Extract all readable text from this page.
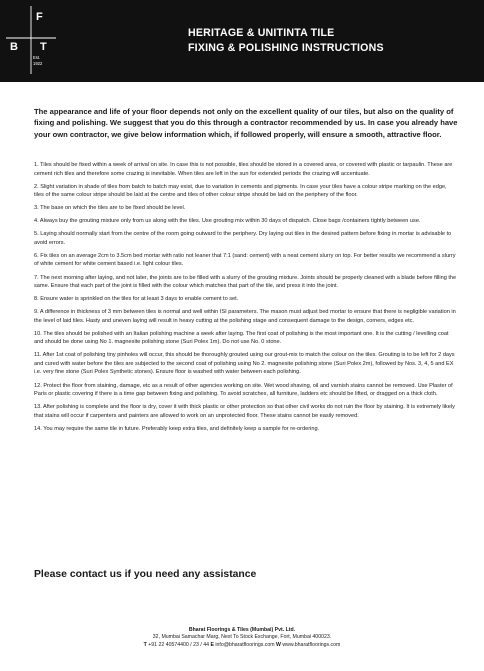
F
B T
Est.
1922
HERITAGE & UNITINTA TILE
FIXING & POLISHING INSTRUCTIONS

The appearance and life of your floor depends not only on the excellent quality of our tiles, but also on the quality of fixing and polishing. We suggest that you do this through a contractor recommended by us. In case you already have your own contractor, we give below information which, if followed properly, will ensure a smooth, attractive floor.

1. Tiles should be fixed within a week of arrival on site. In case this is not possible, tiles should be stored in a covered area, or covered with plastic or tarpaulin. These are cement rich tiles and therefore some crazing is inevitable. When tiles are left in the sun for extended periods the crazing will accentuate.
2. Slight variation in shade of tiles from batch to batch may exist, due to variation in cements and pigments. In case your tiles have a colour stripe marking on the edge, tiles of the same colour stripe should be laid at the centre and tiles of other colour stripe should be laid on the periphery of the floor.
3. The base on which the tiles are to be fixed should be level.
4. Always buy the grouting mixture only from us along with the tiles. Use grouting mix within 30 days of dispatch. Close bags /containers tightly between use.
5. Laying should normally start from the centre of the room going outward to the periphery. Dry laying out tiles in the desired pattern before fixing in mortar is advisable to avoid errors.
6. Fix tiles on an average 2cm to 3.5cm bed mortar with ratio not leaner that 7:1 (sand: cement) with a neat cement slurry on top. For better results we recommend a slurry of white cement for white cement based i.e. light colour tiles.
7. The next morning after laying, and not later, the joints are to be filled with a slurry of the grouting mixture. Joints should be properly cleaned with a blade before filling the same. Ensure that each part of the joint is filled with the colour which matches that part of the tile, and press it into the joint.
8. Ensure water is sprinkled on the tiles for at least 3 days to enable cement to set.
9. A difference in thickness of 3 mm between tiles is normal and well within ISI parameters. The mason must adjust bed mortar to ensure that there is negligible variation in the level of laid tiles. Hasty and uneven laying will result in heavy cutting at the polishing stage and consequent damage to the design, corners, edges etc.
10. The tiles should be polished with an Italian polishing machine a week after laying. The first coat of polishing is the most important one. It is the cutting / levelling coat and should be done using No 1. magnesite polishing stone (Suri Polex 1m). Do not use No. 0 stone.
11. After 1st coat of polishing tiny pinholes will occur, this should be thoroughly grouted using our grout-mix to match the colour on the tiles. Grouting is to be left for 2 days and cured with water before the tiles are subjected to the second coat of polishing using No 2. magnesite polishing stone (Suri Polex 2m), followed by Nos. 3, 4, 5 and EX i.e. very fine stone (Suri Polex Synthetic stones). Ensure floor is washed with water between each polishing.
12. Protect the floor from staining, damage, etc as a result of other agencies working on site. Wet wood shaving, oil and varnish stains cannot be removed. Use Plaster of Paris or plastic covering if there is a time gap between fixing and polishing. To avoid scratches, all furniture, ladders etc should be lifted, or dragged on a thick cloth.
13. After polishing is complete and the floor is dry, cover it with thick plastic or other protection so that other civil works do not ruin the floor by staining. It is extremely likely that stains will occur if carpenters and painters are allowed to work on an unprotected floor. These stains cannot be easily removed.
14. You may require the same tile in future. Preferably keep extra tiles, and definitely keep a sample for re-ordering.

Please contact us if you need any assistance

Bharat Floorings & Tiles (Mumbai) Pvt. Ltd.
32, Mumbai Samachar Marg, Next To Stock Exchange, Fort, Mumbai 400023.
T +91 22 40574400 / 23 / 44 E info@bharatfloorings.com W www.bharatfloorings.com
